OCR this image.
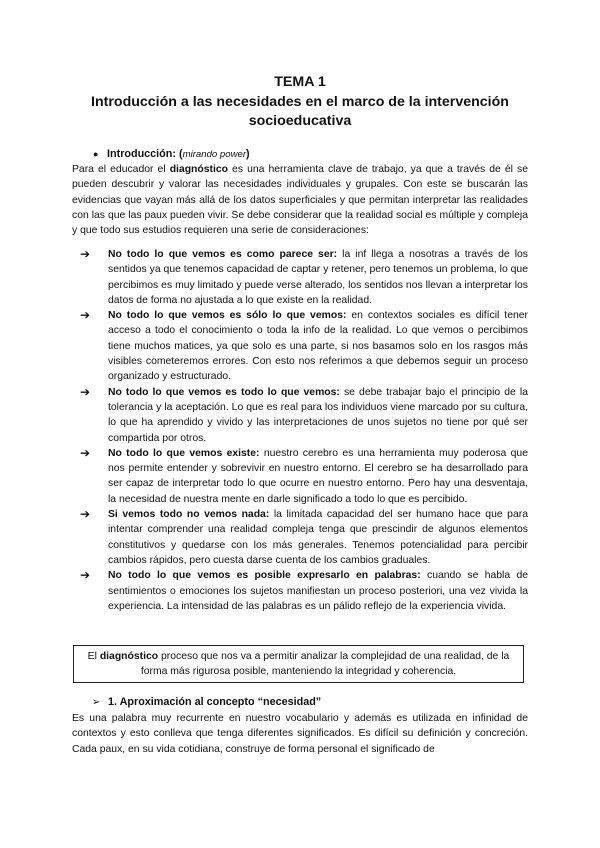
TEMA 1
Introducción a las necesidades en el marco de la intervención
socioeducativa
● Introducción: (mirando power)
Para el educador el diagnóstico es una herramienta clave de trabajo, ya que a través de él se pueden descubrir y valorar las necesidades individuales y grupales. Con este se buscarán las evidencias que vayan más allá de los datos superficiales y que permitan interpretar las realidades con las que las paux pueden vivir. Se debe considerar que la realidad social es múltiple y compleja y que todo sus estudios requieren una serie de consideraciones:
➔ No todo lo que vemos es como parece ser: la inf llega a nosotras a través de los sentidos ya que tenemos capacidad de captar y retener, pero tenemos un problema, lo que percibimos es muy limitado y puede verse alterado, los sentidos nos llevan a interpretar los datos de forma no ajustada a lo que existe en la realidad.
➔ No todo lo que vemos es sólo lo que vemos: en contextos sociales es difícil tener acceso a todo el conocimiento o toda la info de la realidad. Lo que vemos o percibimos tiene muchos matices, ya que solo es una parte, si nos basamos solo en los rasgos más visibles cometeremos errores. Con esto nos referimos a que debemos seguir un proceso organizado y estructurado.
➔ No todo lo que vemos es todo lo que vemos: se debe trabajar bajo el principio de la tolerancia y la aceptación. Lo que es real para los individuos viene marcado por su cultura, lo que ha aprendido y vivido y las interpretaciones de unos sujetos no tiene por qué ser compartida por otros.
➔ No todo lo que vemos existe: nuestro cerebro es una herramienta muy poderosa que nos permite entender y sobrevivir en nuestro entorno. El cerebro se ha desarrollado para ser capaz de interpretar todo lo que ocurre en nuestro entorno. Pero hay una desventaja, la necesidad de nuestra mente en darle significado a todo lo que es percibido.
➔ Si vemos todo no vemos nada: la limitada capacidad del ser humano hace que para intentar comprender una realidad compleja tenga que prescindir de algunos elementos constitutivos y quedarse con los más generales. Tenemos potencialidad para percibir cambios rápidos, pero cuesta darse cuenta de los cambios graduales.
➔ No todo lo que vemos es posible expresarlo en palabras: cuando se habla de sentimientos o emociones los sujetos manifiestan un proceso posteriori, una vez vivida la experiencia. La intensidad de las palabras es un pálido reflejo de la experiencia vivida.
El diagnóstico proceso que nos va a permitir analizar la complejidad de una realidad, de la forma más rigurosa posible, manteniendo la integridad y coherencia.
➢ 1. Aproximación al concepto “necesidad”
Es una palabra muy recurrente en nuestro vocabulario y además es utilizada en infinidad de contextos y esto conlleva que tenga diferentes significados. Es difícil su definición y concreción. Cada paux, en su vida cotidiana, construye de forma personal el significado de
